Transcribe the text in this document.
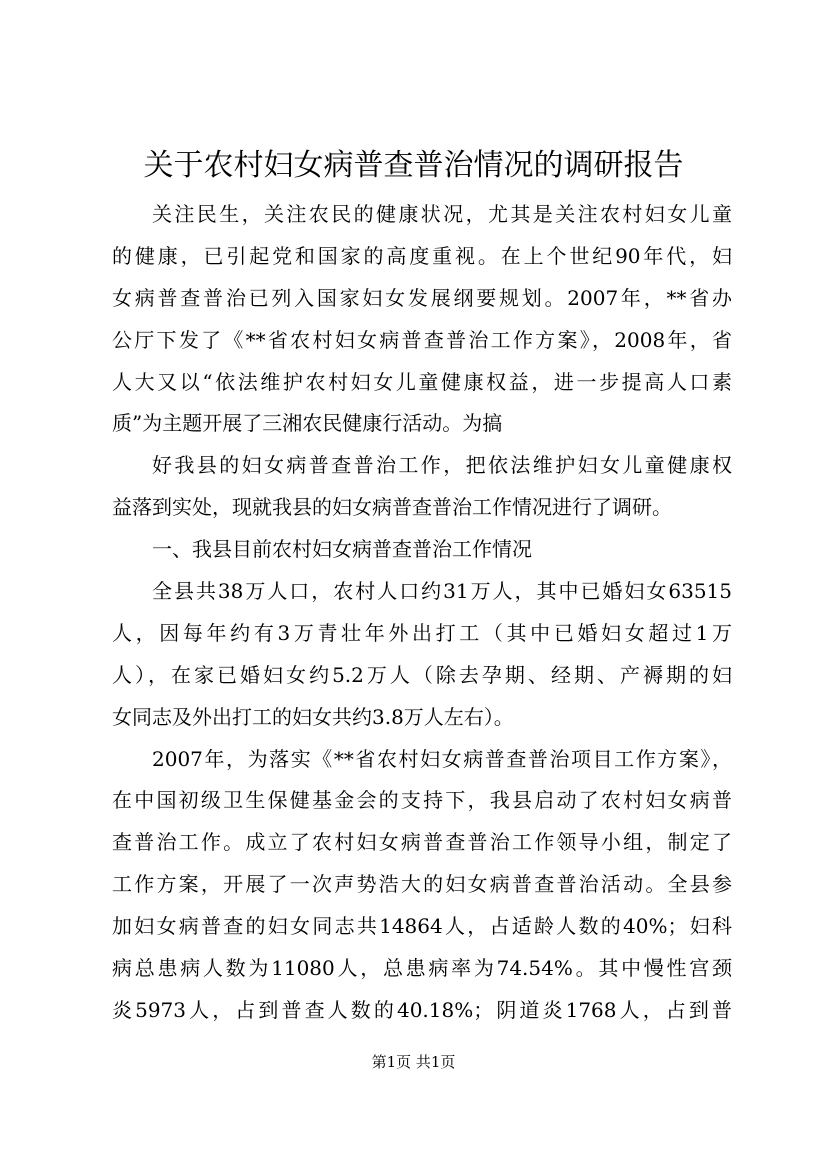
关于农村妇女病普查普治情况的调研报告
关注民生，关注农民的健康状况，尤其是关注农村妇女儿童
的健康，已引起党和国家的高度重视。在上个世纪90年代，妇
女病普查普治已列入国家妇女发展纲要规划。2007年，**省办
公厅下发了《**省农村妇女病普查普治工作方案》，2008年，省
人大又以“依法维护农村妇女儿童健康权益，进一步提高人口素
质”为主题开展了三湘农民健康行活动。为搞
好我县的妇女病普查普治工作，把依法维护妇女儿童健康权
益落到实处，现就我县的妇女病普查普治工作情况进行了调研。
一、我县目前农村妇女病普查普治工作情况
全县共38万人口，农村人口约31万人，其中已婚妇女63515
人，因每年约有3万青壮年外出打工（其中已婚妇女超过1万
人），在家已婚妇女约5.2万人（除去孕期、经期、产褥期的妇
女同志及外出打工的妇女共约3.8万人左右）。
2007年，为落实《**省农村妇女病普查普治项目工作方案》，
在中国初级卫生保健基金会的支持下，我县启动了农村妇女病普
查普治工作。成立了农村妇女病普查普治工作领导小组，制定了
工作方案，开展了一次声势浩大的妇女病普查普治活动。全县参
加妇女病普查的妇女同志共14864人，占适龄人数的40%；妇科
病总患病人数为11080人，总患病率为74.54%。其中慢性宫颈
炎5973人，占到普查人数的40.18%；阴道炎1768人，占到普
第1页 共1页
